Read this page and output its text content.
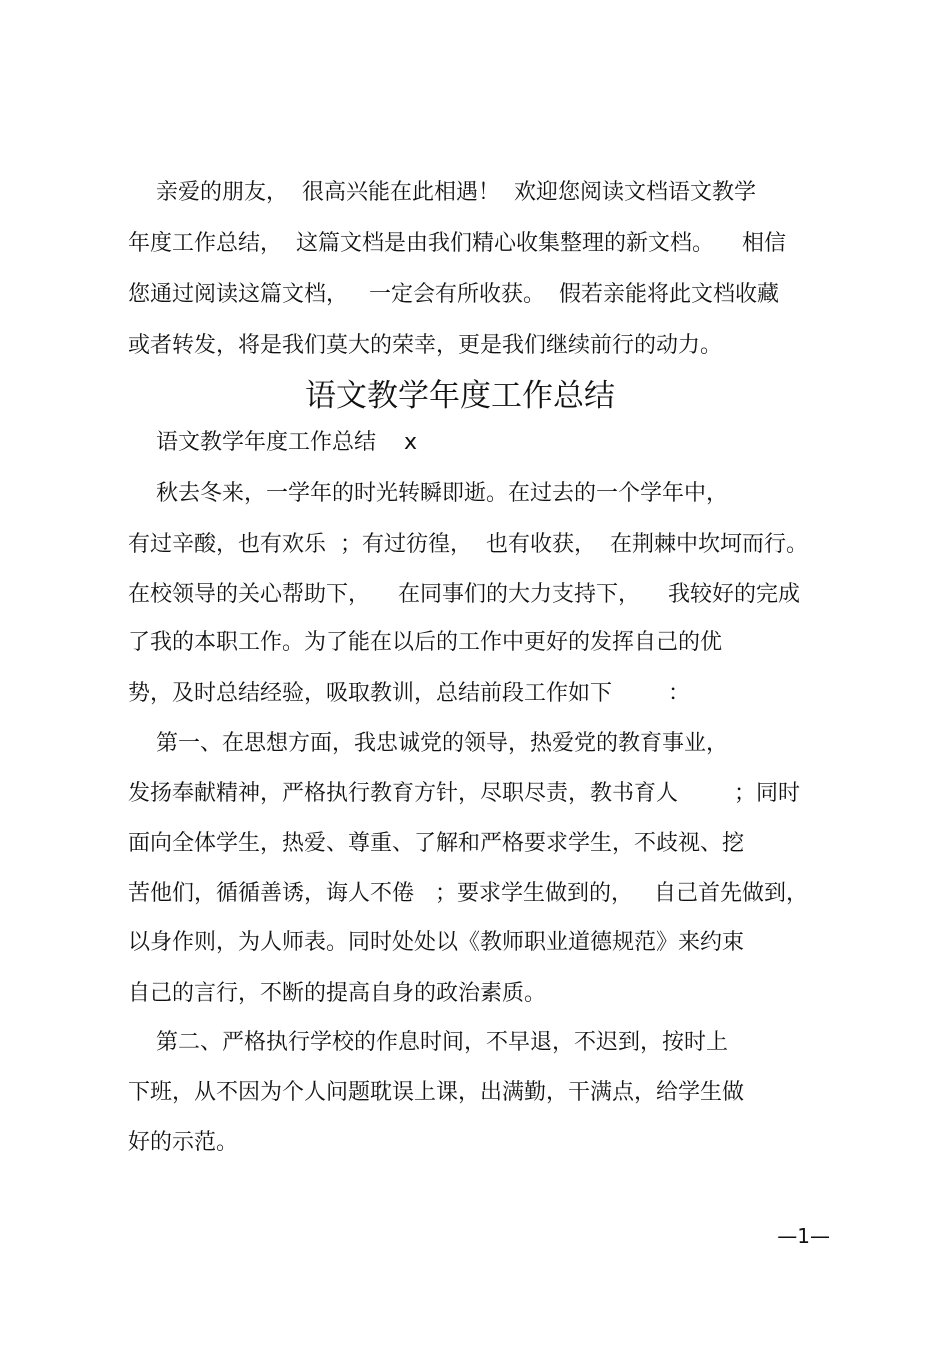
亲爱的朋友，  很高兴能在此相遇！  欢迎您阅读文档语文教学
年度工作总结，  这篇文档是由我们精心收集整理的新文档。    相信
您通过阅读这篇文档，   一定会有所收获。  假若亲能将此文档收藏
或者转发，将是我们莫大的荣幸，更是我们继续前行的动力。
语文教学年度工作总结
语文教学年度工作总结    x
秋去冬来，一学年的时光转瞬即逝。在过去的一个学年中，
有过辛酸，也有欢乐  ；有过彷徨，  也有收获，  在荆棘中坎坷而行。
在校领导的关心帮助下，    在同事们的大力支持下，    我较好的完成
了我的本职工作。为了能在以后的工作中更好的发挥自己的优
势，及时总结经验，吸取教训，总结前段工作如下        ：
第一、在思想方面，我忠诚党的领导，热爱党的教育事业，
发扬奉献精神，严格执行教育方针，尽职尽责，教书育人        ；同时
面向全体学生，热爱、尊重、了解和严格要求学生，不歧视、挖
苦他们，循循善诱，诲人不倦   ；要求学生做到的，   自己首先做到，
以身作则，为人师表。同时处处以《教师职业道德规范》来约束
自己的言行，不断的提高自身的政治素质。
第二、严格执行学校的作息时间，不早退，不迟到，按时上
下班，从不因为个人问题耽误上课，出满勤，干满点，给学生做
好的示范。
—1—
